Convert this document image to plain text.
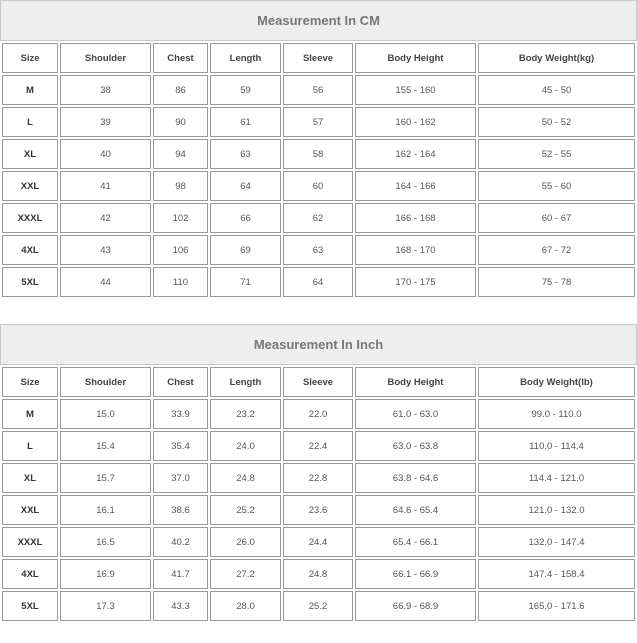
Measurement In CM
Size	Shoulder	Chest	Length	Sleeve	Body Height	Body Weight(kg)
M	38	86	59	56	155 - 160	45 - 50
L	39	90	61	57	160 - 162	50 - 52
XL	40	94	63	58	162 - 164	52 - 55
XXL	41	98	64	60	164 - 166	55 - 60
XXXL	42	102	66	62	166 - 168	60 - 67
4XL	43	106	69	63	168 - 170	67 - 72
5XL	44	110	71	64	170 - 175	75 - 78
Measurement In Inch
Size	Shoulder	Chest	Length	Sleeve	Body Height	Body Weight(lb)
M	15.0	33.9	23.2	22.0	61.0 - 63.0	99.0 - 110.0
L	15.4	35.4	24.0	22.4	63.0 - 63.8	110.0 - 114.4
XL	15.7	37.0	24.8	22.8	63.8 - 64.6	114.4 - 121.0
XXL	16.1	38.6	25.2	23.6	64.6 - 65.4	121.0 - 132.0
XXXL	16.5	40.2	26.0	24.4	65.4 - 66.1	132.0 - 147.4
4XL	16.9	41.7	27.2	24.8	66.1 - 66.9	147.4 - 158.4
5XL	17.3	43.3	28.0	25.2	66.9 - 68.9	165.0 - 171.6
